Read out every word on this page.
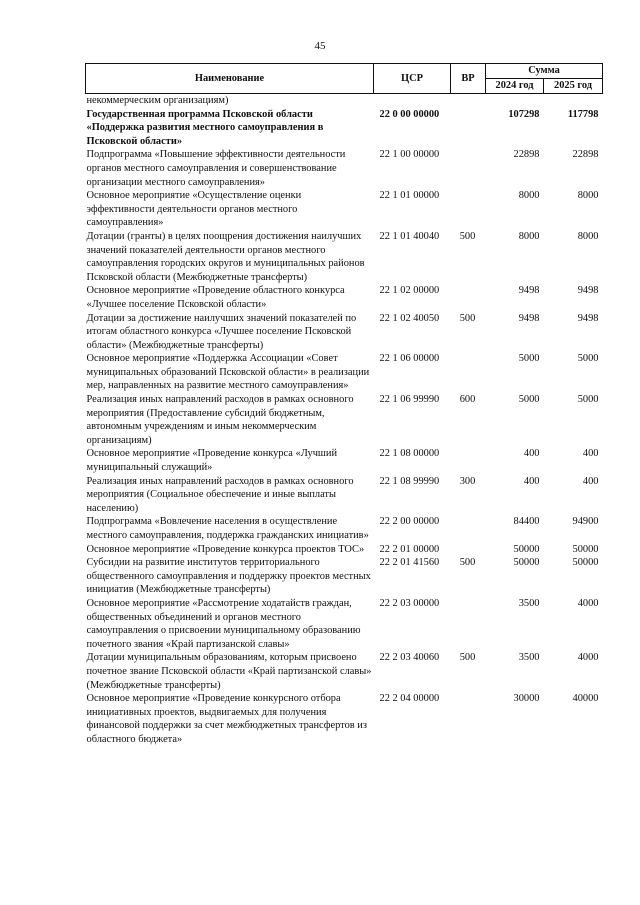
45
Наименование	ЦСР	ВР	Сумма	
			2024 год	2025 год
некоммерческим организациям)				
Государственная программа Псковской области «Поддержка развития местного самоуправления в Псковской области»	22 0 00 00000		107298	117798
Подпрограмма «Повышение эффективности деятельности органов местного самоуправления и совершенствование организации местного самоуправления»	22 1 00 00000		22898	22898
Основное мероприятие «Осуществление оценки эффективности деятельности органов местного самоуправления»	22 1 01 00000		8000	8000
Дотации (гранты) в целях поощрения достижения наилучших значений показателей деятельности органов местного самоуправления городских округов и муниципальных районов Псковской области (Межбюджетные трансферты)	22 1 01 40040	500	8000	8000
Основное мероприятие «Проведение областного конкурса «Лучшее поселение Псковской области»	22 1 02 00000		9498	9498
Дотации за достижение наилучших значений показателей по итогам областного конкурса «Лучшее поселение Псковской области» (Межбюджетные трансферты)	22 1 02 40050	500	9498	9498
Основное мероприятие «Поддержка Ассоциации «Совет муниципальных образований Псковской области» в реализации мер, направленных на развитие местного самоуправления»	22 1 06 00000		5000	5000
Реализация иных направлений расходов в рамках основного мероприятия (Предоставление субсидий бюджетным, автономным учреждениям и иным некоммерческим организациям)	22 1 06 99990	600	5000	5000
Основное мероприятие «Проведение конкурса «Лучший муниципальный служащий»	22 1 08 00000		400	400
Реализация иных направлений расходов в рамках основного мероприятия (Социальное обеспечение и иные выплаты населению)	22 1 08 99990	300	400	400
Подпрограмма «Вовлечение населения в осуществление местного самоуправления, поддержка гражданских инициатив»	22 2 00 00000		84400	94900
Основное мероприятие «Проведение конкурса проектов ТОС»	22 2 01 00000		50000	50000
Субсидии на развитие институтов территориального общественного самоуправления и поддержку проектов местных инициатив (Межбюджетные трансферты)	22 2 01 41560	500	50000	50000
Основное мероприятие «Рассмотрение ходатайств граждан, общественных объединений и органов местного самоуправления о присвоении муниципальному образованию почетного звания «Край партизанской славы»	22 2 03 00000		3500	4000
Дотации муниципальным образованиям, которым присвоено почетное звание Псковской области «Край партизанской славы» (Межбюджетные трансферты)	22 2 03 40060	500	3500	4000
Основное мероприятие «Проведение конкурсного отбора инициативных проектов, выдвигаемых для получения финансовой поддержки за счет межбюджетных трансфертов из областного бюджета»	22 2 04 00000		30000	40000
